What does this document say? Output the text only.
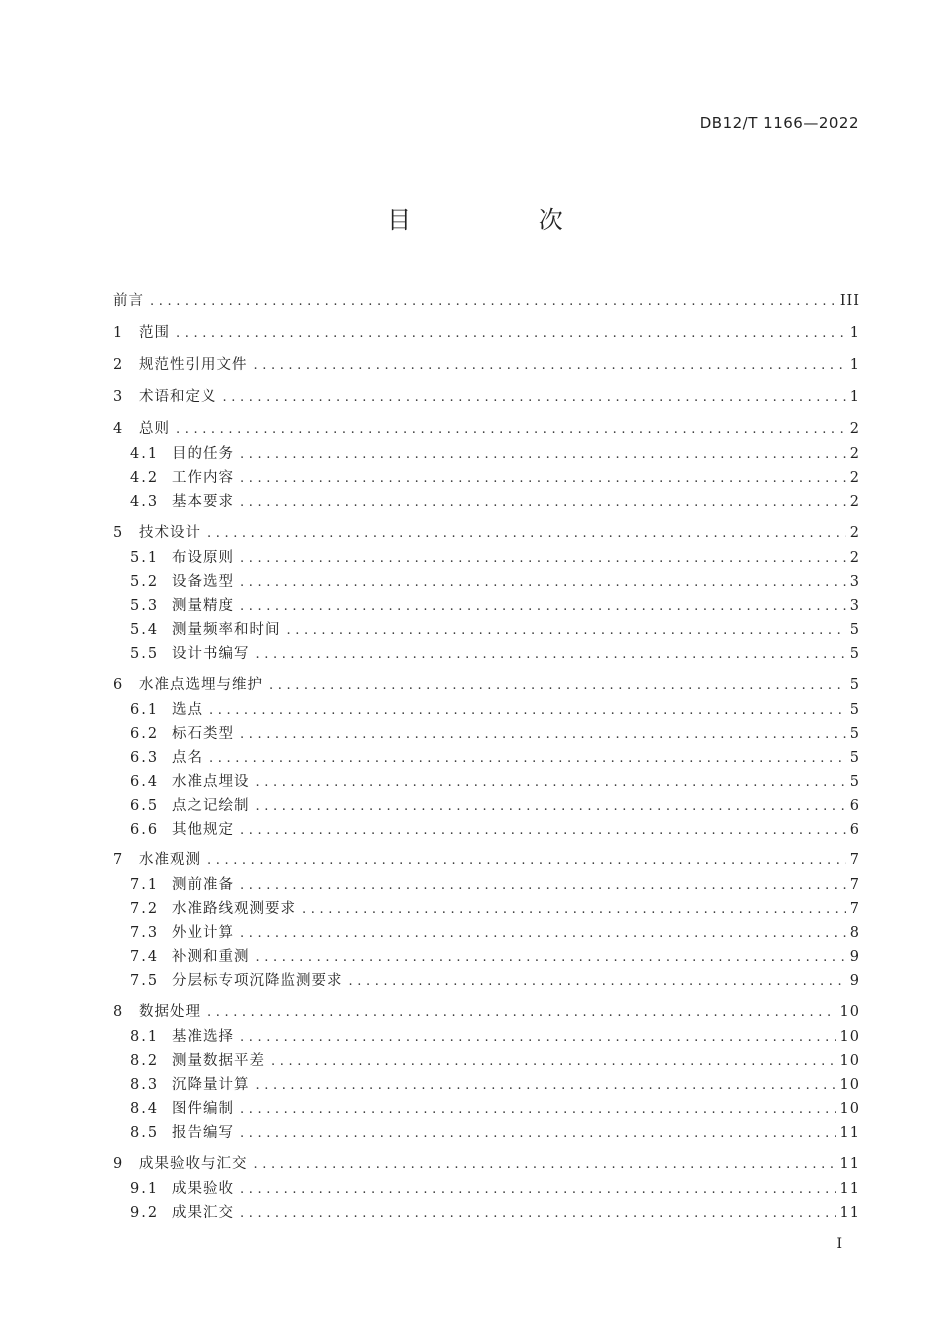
DB12/T 1166—2022
目 次
前言 .....	III
1	范围 .....	1
2	规范性引用文件 .....	1
3	术语和定义 .....	1
4	总则 .....	2
4.1 目的任务 .....	2
4.2 工作内容 .....	2
4.3 基本要求 .....	2
5	技术设计 .....	2
5.1 布设原则 .....	2
5.2 设备选型 .....	3
5.3 测量精度 .....	3
5.4 测量频率和时间 .....	5
5.5 设计书编写 .....	5
6	水准点选埋与维护 .....	5
6.1 选点 .....	5
6.2 标石类型 .....	5
6.3 点名 .....	5
6.4 水准点埋设 .....	5
6.5 点之记绘制 .....	6
6.6 其他规定 .....	6
7	水准观测 .....	7
7.1 测前准备 .....	7
7.2 水准路线观测要求 .....	7
7.3 外业计算 .....	8
7.4 补测和重测 .....	9
7.5 分层标专项沉降监测要求 .....	9
8	数据处理 .....	10
8.1 基准选择 .....	10
8.2 测量数据平差 .....	10
8.3 沉降量计算 .....	10
8.4 图件编制 .....	10
8.5 报告编写 .....	11
9	成果验收与汇交 .....	11
9.1 成果验收 .....	11
9.2 成果汇交 .....	11
I
